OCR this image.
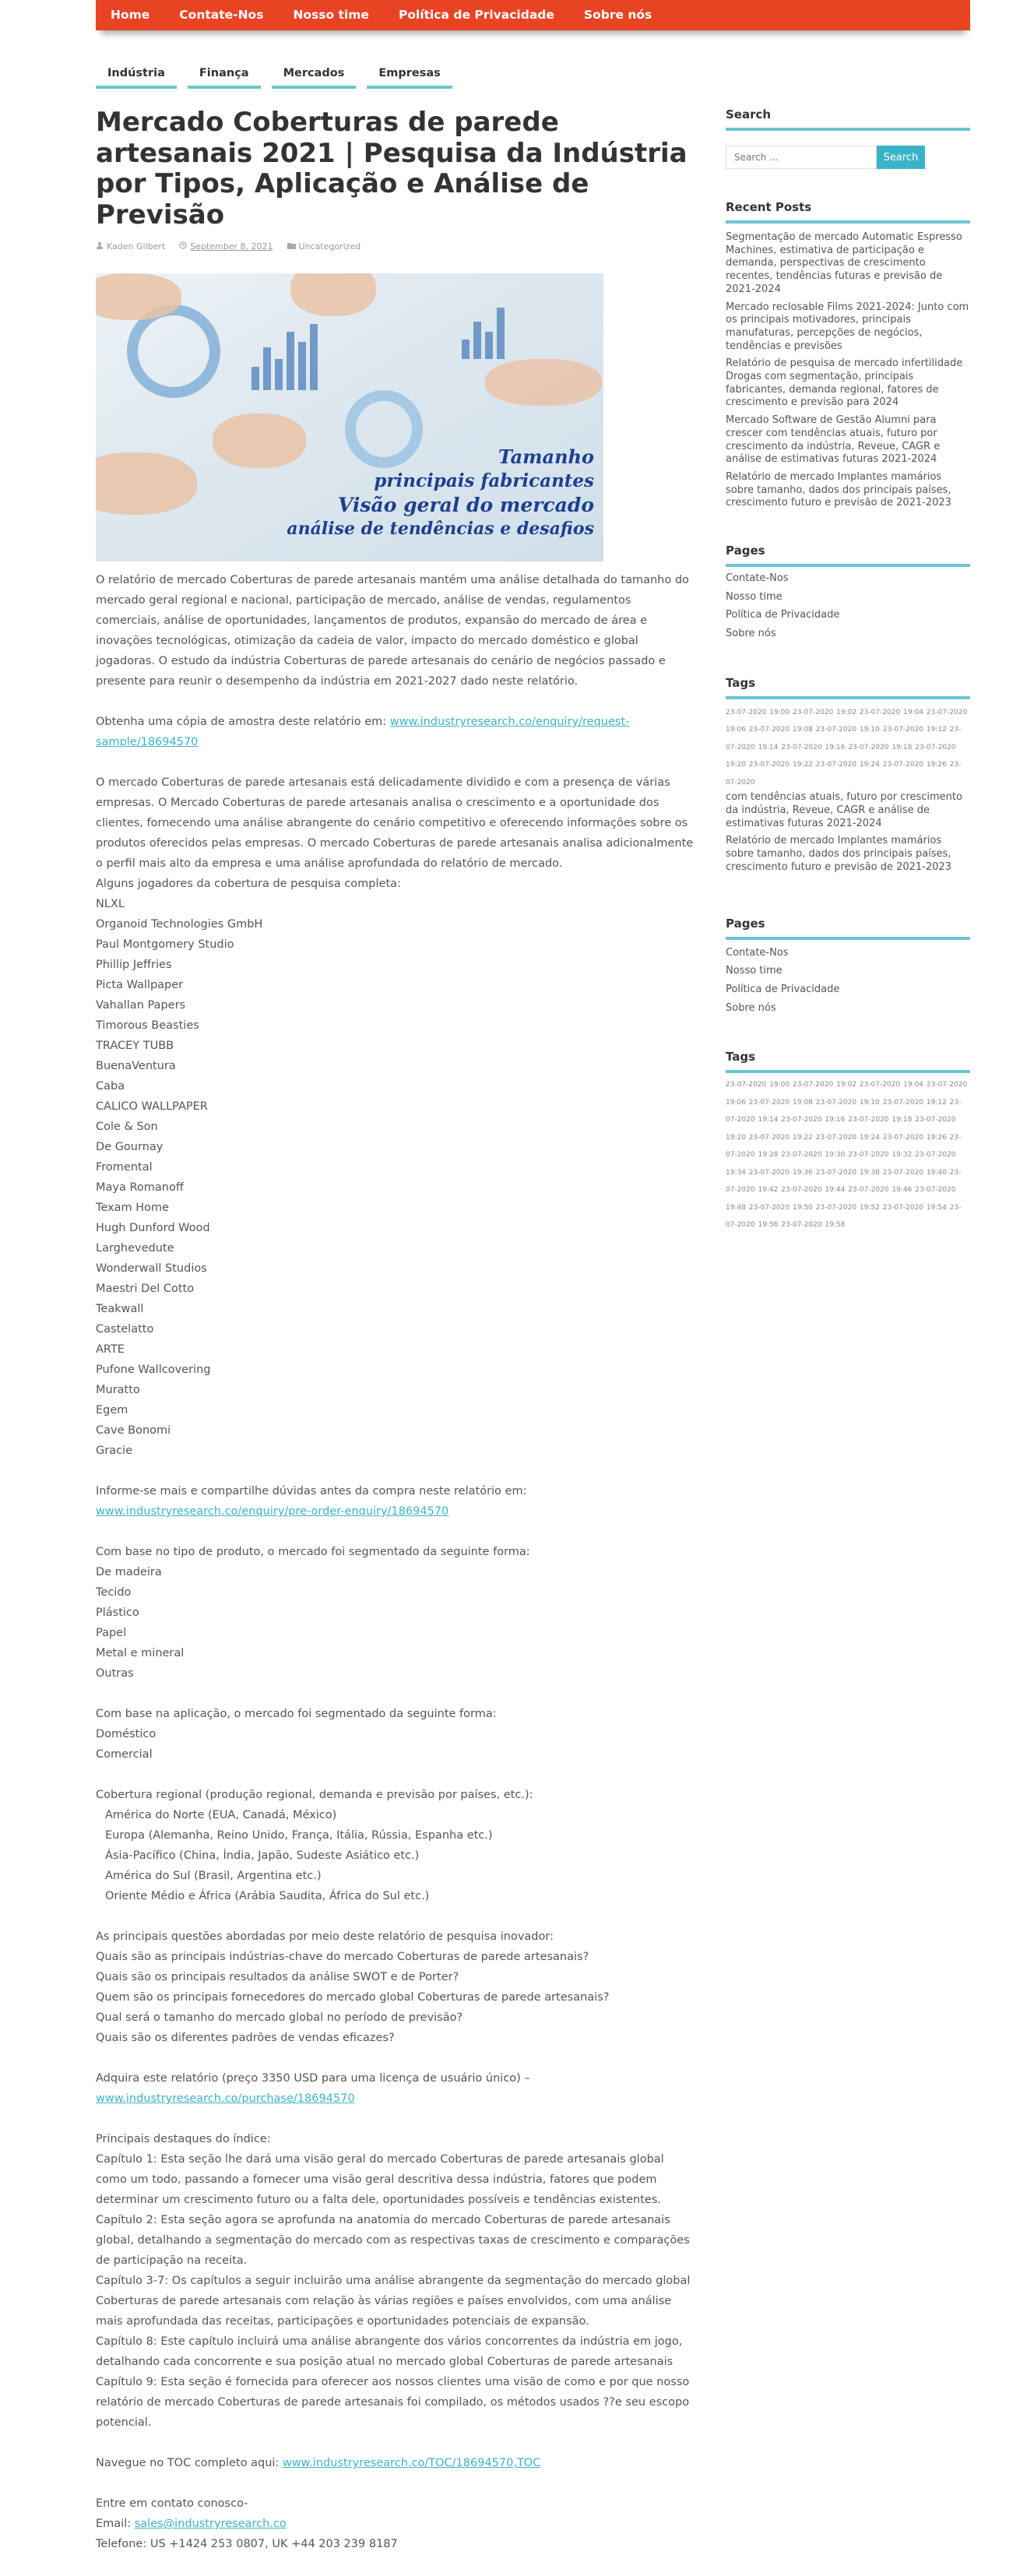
Home	Contate-Nos	Nosso time	Política de Privacidade	Sobre nós
Indústria	Finança	Mercados	Empresas
Mercado Coberturas de parede artesanais 2021 | Pesquisa da Indústria por Tipos, Aplicação e Análise de Previsão
Kaden Gilbert	September 8, 2021	Uncategorized
Tamanho
principais fabricantes
Visão geral do mercado
análise de tendências e desafios

O relatório de mercado Coberturas de parede artesanais mantém uma análise detalhada do tamanho do mercado geral regional e nacional, participação de mercado, análise de vendas, regulamentos comerciais, análise de oportunidades, lançamentos de produtos, expansão do mercado de área e inovações tecnológicas, otimização da cadeia de valor, impacto do mercado doméstico e global jogadoras. O estudo da indústria Coberturas de parede artesanais do cenário de negócios passado e presente para reunir o desempenho da indústria em 2021-2027 dado neste relatório.

Obtenha uma cópia de amostra deste relatório em: www.industryresearch.co/enquiry/request-sample/18694570

O mercado Coberturas de parede artesanais está delicadamente dividido e com a presença de várias empresas. O Mercado Coberturas de parede artesanais analisa o crescimento e a oportunidade dos clientes, fornecendo uma análise abrangente do cenário competitivo e oferecendo informações sobre os produtos oferecidos pelas empresas. O mercado Coberturas de parede artesanais analisa adicionalmente o perfil mais alto da empresa e uma análise aprofundada do relatório de mercado.

Alguns jogadores da cobertura de pesquisa completa:

NLXL
Organoid Technologies GmbH
Paul Montgomery Studio
Phillip Jeffries
Picta Wallpaper
Vahallan Papers
Timorous Beasties
TRACEY TUBB
BuenaVentura
Caba
CALICO WALLPAPER
Cole & Son
De Gournay
Fromental
Maya Romanoff
Texam Home
Hugh Dunford Wood
Larghevedute
Wonderwall Studios
Maestri Del Cotto
Teakwall
Castelatto
ARTE
Pufone Wallcovering
Muratto
Egem
Cave Bonomi
Gracie

Informe-se mais e compartilhe dúvidas antes da compra neste relatório em:

www.industryresearch.co/enquiry/pre-order-enquiry/18694570

Com base no tipo de produto, o mercado foi segmentado da seguinte forma:

De madeira
Tecido
Plástico
Papel
Metal e mineral
Outras

Com base na aplicação, o mercado foi segmentado da seguinte forma:

Doméstico
Comercial

Cobertura regional (produção regional, demanda e previsão por países, etc.):

América do Norte (EUA, Canadá, México)
Europa (Alemanha, Reino Unido, França, Itália, Rússia, Espanha etc.)
Ásia-Pacífico (China, Índia, Japão, Sudeste Asiático etc.)
América do Sul (Brasil, Argentina etc.)
Oriente Médio e África (Arábia Saudita, África do Sul etc.)

As principais questões abordadas por meio deste relatório de pesquisa inovador:

Quais são as principais indústrias-chave do mercado Coberturas de parede artesanais?
Quais são os principais resultados da análise SWOT e de Porter?
Quem são os principais fornecedores do mercado global Coberturas de parede artesanais?
Qual será o tamanho do mercado global no período de previsão?
Quais são os diferentes padrões de vendas eficazes?

Adquira este relatório (preço 3350 USD para uma licença de usuário único) –

www.industryresearch.co/purchase/18694570

Principais destaques do índice:

Capítulo 1: Esta seção lhe dará uma visão geral do mercado Coberturas de parede artesanais global como um todo, passando a fornecer uma visão geral descritiva dessa indústria, fatores que podem determinar um crescimento futuro ou a falta dele, oportunidades possíveis e tendências existentes.
Capítulo 2: Esta seção agora se aprofunda na anatomia do mercado Coberturas de parede artesanais global, detalhando a segmentação do mercado com as respectivas taxas de crescimento e comparações de participação na receita.
Capítulo 3-7: Os capítulos a seguir incluirão uma análise abrangente da segmentação do mercado global Coberturas de parede artesanais com relação às várias regiões e países envolvidos, com uma análise mais aprofundada das receitas, participações e oportunidades potenciais de expansão.
Capítulo 8: Este capítulo incluirá uma análise abrangente dos vários concorrentes da indústria em jogo, detalhando cada concorrente e sua posição atual no mercado global Coberturas de parede artesanais
Capítulo 9: Esta seção é fornecida para oferecer aos nossos clientes uma visão de como e por que nosso relatório de mercado Coberturas de parede artesanais foi compilado, os métodos usados ??e seu escopo potencial.

Navegue no TOC completo aqui: www.industryresearch.co/TOC/18694570,TOC

Entre em contato conosco-

Email: sales@industryresearch.co

Telefone: US +1424 253 0807, UK +44 203 239 8187

Search
Search …
Search
Recent Posts
Segmentação de mercado Automatic Espresso Machines, estimativa de participação e demanda, perspectivas de crescimento recentes, tendências futuras e previsão de 2021-2024
Mercado reclosable Films 2021-2024: Junto com os principais motivadores, principais manufaturas, percepções de negócios, tendências e previsões
Relatório de pesquisa de mercado infertilidade Drogas com segmentação, principais fabricantes, demanda regional, fatores de crescimento e previsão para 2024
Mercado Software de Gestão Alumni para crescer com tendências atuais, futuro por crescimento da indústria, Reveue, CAGR e análise de estimativas futuras 2021-2024
Relatório de mercado Implantes mamários sobre tamanho, dados dos principais países, crescimento futuro e previsão de 2021-2023
Pages
Contate-Nos
Nosso time
Política de Privacidade
Sobre nós
Tags
23-07-2020 19:00 23-07-2020 19:02 23-07-2020 19:04 23-07-2020 19:06 23-07-2020 19:08 23-07-2020 19:10 23-07-2020 19:12 23-07-2020 19:14 23-07-2020 19:16 23-07-2020 19:18 23-07-2020 19:20 23-07-2020 19:22 23-07-2020 19:24 23-07-2020 19:26 23-07-2020
com tendências atuais, futuro por crescimento da indústria, Reveue, CAGR e análise de estimativas futuras 2021-2024
Relatório de mercado Implantes mamários sobre tamanho, dados dos principais países, crescimento futuro e previsão de 2021-2023
Pages
Contate-Nos
Nosso time
Política de Privacidade
Sobre nós
Tags
23-07-2020 19:00 23-07-2020 19:02 23-07-2020 19:04 23-07-2020 19:06 23-07-2020 19:08 23-07-2020 19:10 23-07-2020 19:12 23-07-2020 19:14 23-07-2020 19:16 23-07-2020 19:18 23-07-2020 19:20 23-07-2020 19:22 23-07-2020 19:24 23-07-2020 19:26 23-07-2020 19:28 23-07-2020 19:30 23-07-2020 19:32 23-07-2020 19:34 23-07-2020 19:36 23-07-2020 19:38 23-07-2020 19:40 23-07-2020 19:42 23-07-2020 19:44 23-07-2020 19:46 23-07-2020 19:48 23-07-2020 19:50 23-07-2020 19:52 23-07-2020 19:54 23-07-2020 19:56 23-07-2020 19:58
